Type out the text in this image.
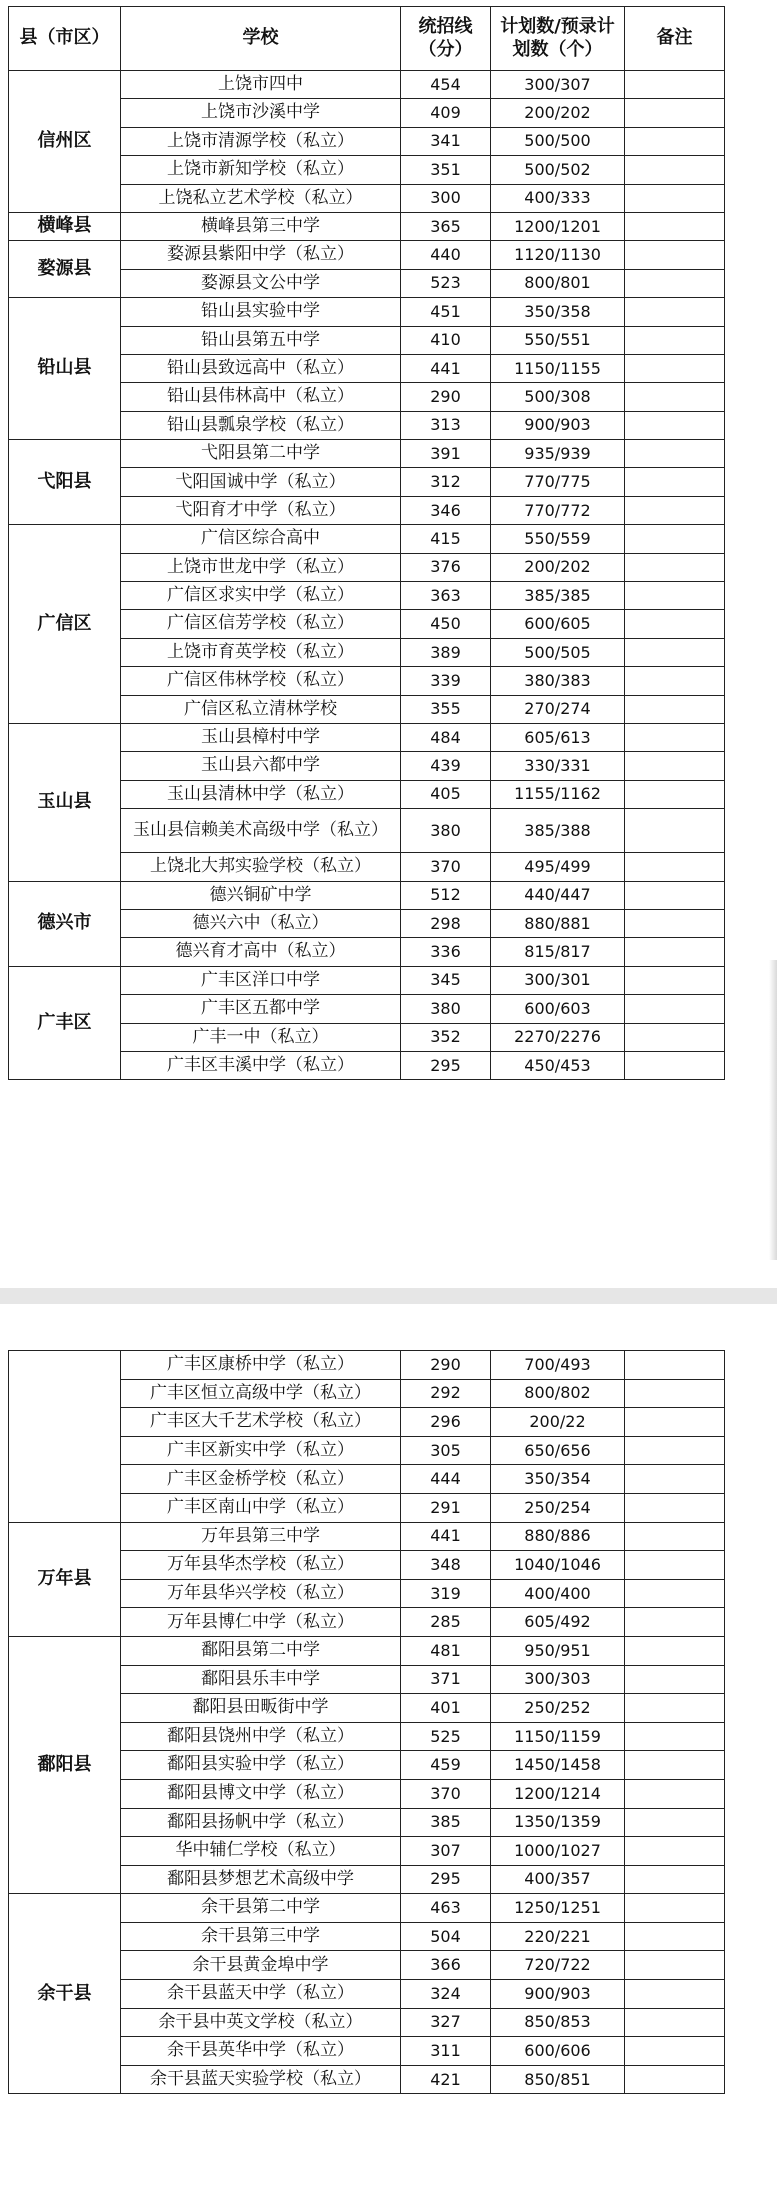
县（市区）	学校	统招线（分）	计划数/预录计划数（个）	备注
信州区	上饶市四中	454	300/307	
	上饶市沙溪中学	409	200/202	
	上饶市清源学校（私立）	341	500/500	
	上饶市新知学校（私立）	351	500/502	
	上饶私立艺术学校（私立）	300	400/333	
横峰县	横峰县第三中学	365	1200/1201	
婺源县	婺源县紫阳中学（私立）	440	1120/1130	
	婺源县文公中学	523	800/801	
铅山县	铅山县实验中学	451	350/358	
	铅山县第五中学	410	550/551	
	铅山县致远高中（私立）	441	1150/1155	
	铅山县伟林高中（私立）	290	500/308	
	铅山县瓢泉学校（私立）	313	900/903	
弋阳县	弋阳县第二中学	391	935/939	
	弋阳国诚中学（私立）	312	770/775	
	弋阳育才中学（私立）	346	770/772	
广信区	广信区综合高中	415	550/559	
	上饶市世龙中学（私立）	376	200/202	
	广信区求实中学（私立）	363	385/385	
	广信区信芳学校（私立）	450	600/605	
	上饶市育英学校（私立）	389	500/505	
	广信区伟林学校（私立）	339	380/383	
	广信区私立清林学校	355	270/274	
玉山县	玉山县樟村中学	484	605/613	
	玉山县六都中学	439	330/331	
	玉山县清林中学（私立）	405	1155/1162	
	玉山县信赖美术高级中学（私立）	380	385/388	
	上饶北大邦实验学校（私立）	370	495/499	
德兴市	德兴铜矿中学	512	440/447	
	德兴六中（私立）	298	880/881	
	德兴育才高中（私立）	336	815/817	
广丰区	广丰区洋口中学	345	300/301	
	广丰区五都中学	380	600/603	
	广丰一中（私立）	352	2270/2276	
	广丰区丰溪中学（私立）	295	450/453	
	广丰区康桥中学（私立）	290	700/493	
	广丰区恒立高级中学（私立）	292	800/802	
	广丰区大千艺术学校（私立）	296	200/22	
	广丰区新实中学（私立）	305	650/656	
	广丰区金桥学校（私立）	444	350/354	
	广丰区南山中学（私立）	291	250/254	
万年县	万年县第三中学	441	880/886	
	万年县华杰学校（私立）	348	1040/1046	
	万年县华兴学校（私立）	319	400/400	
	万年县博仁中学（私立）	285	605/492	
鄱阳县	鄱阳县第二中学	481	950/951	
	鄱阳县乐丰中学	371	300/303	
	鄱阳县田畈街中学	401	250/252	
	鄱阳县饶州中学（私立）	525	1150/1159	
	鄱阳县实验中学（私立）	459	1450/1458	
	鄱阳县博文中学（私立）	370	1200/1214	
	鄱阳县扬帆中学（私立）	385	1350/1359	
	华中辅仁学校（私立）	307	1000/1027	
	鄱阳县梦想艺术高级中学	295	400/357	
余干县	余干县第二中学	463	1250/1251	
	余干县第三中学	504	220/221	
	余干县黄金埠中学	366	720/722	
	余干县蓝天中学（私立）	324	900/903	
	余干县中英文学校（私立）	327	850/853	
	余干县英华中学（私立）	311	600/606	
	余干县蓝天实验学校（私立）	421	850/851	
